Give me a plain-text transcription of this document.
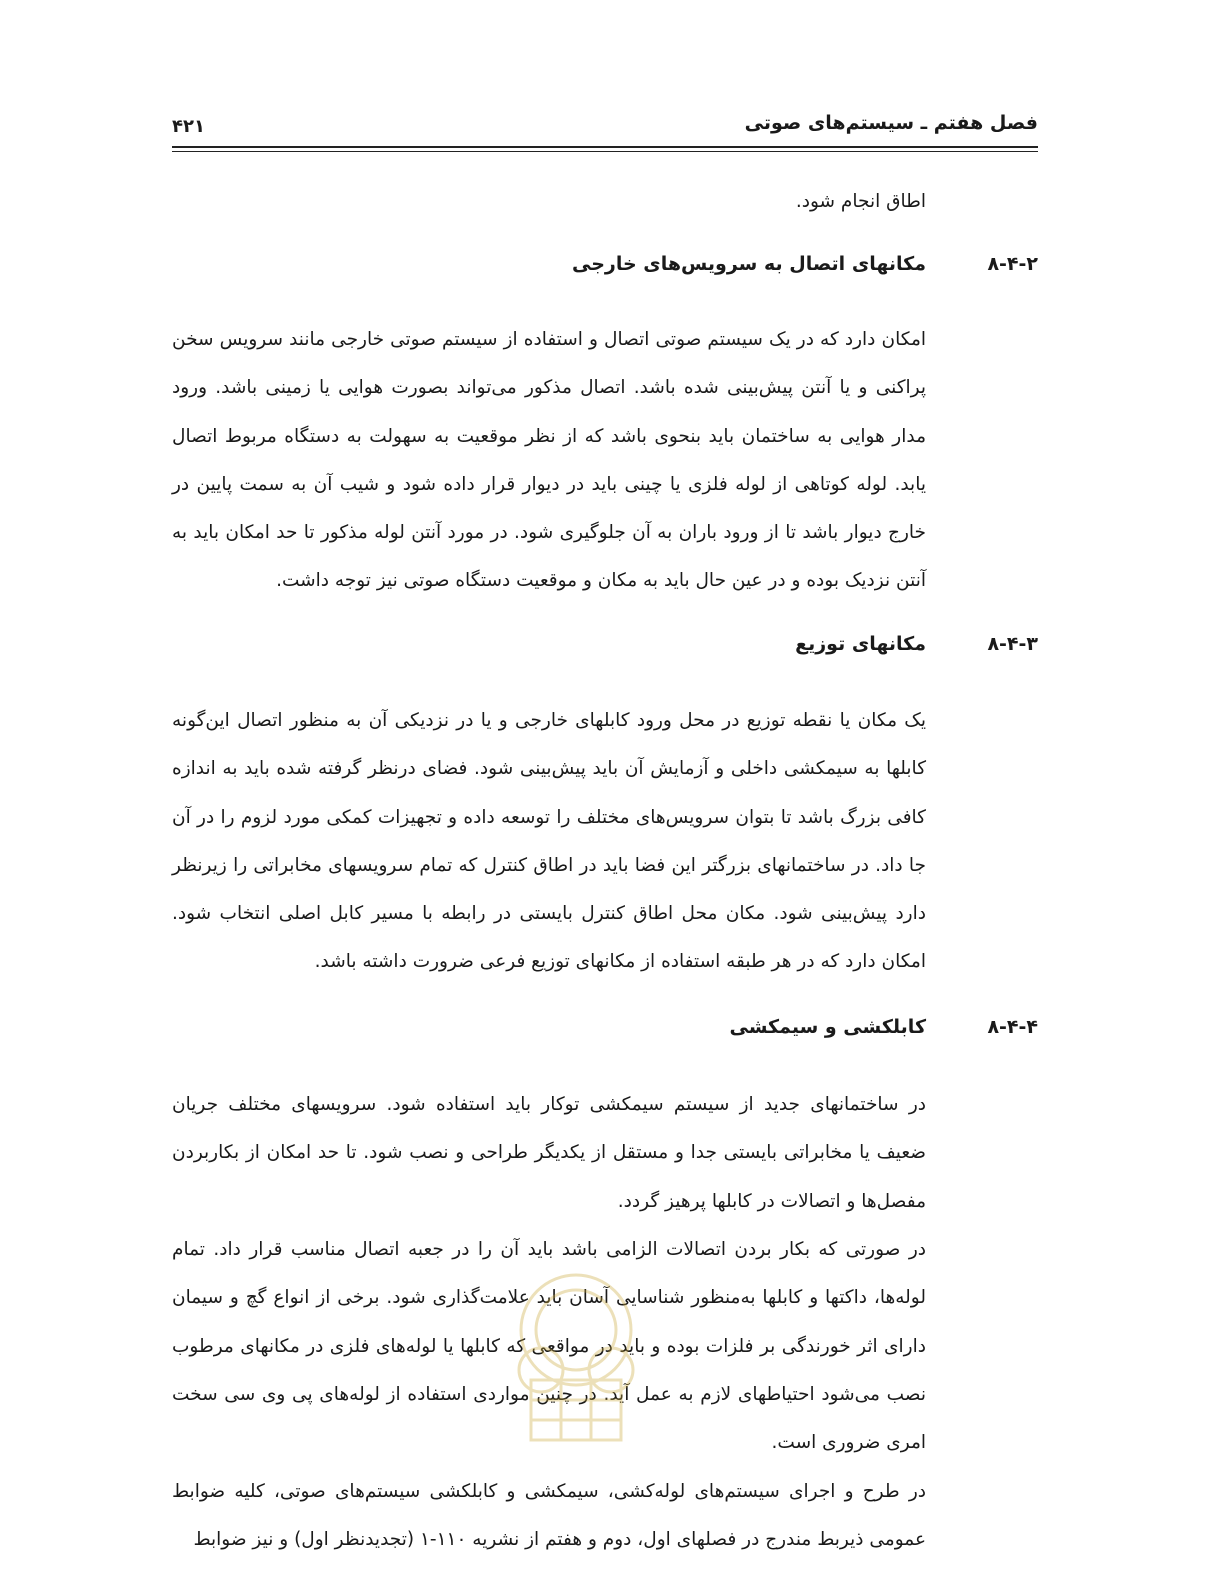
فصل هفتم ـ سیستم‌های صوتی
۴۲۱
اطاق انجام شود.
۸-۴-۲
مکانهای اتصال به سرویس‌های خارجی
امکان دارد که در یک سیستم صوتی اتصال و استفاده از سیستم صوتی خارجی مانند سرویس سخن پراکنی و یا آنتن پیش‌بینی شده باشد. اتصال مذکور می‌تواند بصورت هوایی یا زمینی باشد. ورود مدار هوایی به ساختمان باید بنحوی باشد که از نظر موقعیت به سهولت به دستگاه مربوط اتصال یابد. لوله کوتاهی از لوله فلزی یا چینی باید در دیوار قرار داده شود و شیب آن به سمت پایین در خارج دیوار باشد تا از ورود باران به آن جلوگیری شود. در مورد آنتن لوله مذکور تا حد امکان باید به آنتن نزدیک بوده و در عین حال باید به مکان و موقعیت دستگاه صوتی نیز توجه داشت.
۸-۴-۳
مکانهای توزیع
یک مکان یا نقطه توزیع در محل ورود کابلهای خارجی و یا در نزدیکی آن به منظور اتصال این‌گونه کابلها به سیمکشی داخلی و آزمایش آن باید پیش‌بینی شود. فضای درنظر گرفته شده باید به اندازه کافی بزرگ باشد تا بتوان سرویس‌های مختلف را توسعه داده و تجهیزات کمکی مورد لزوم را در آن جا داد. در ساختمانهای بزرگتر این فضا باید در اطاق کنترل که تمام سرویسهای مخابراتی را زیرنظر دارد پیش‌بینی شود. مکان محل اطاق کنترل بایستی در رابطه با مسیر کابل اصلی انتخاب شود. امکان دارد که در هر طبقه استفاده از مکانهای توزیع فرعی ضرورت داشته باشد.
۸-۴-۴
کابلکشی و سیمکشی
در ساختمانهای جدید از سیستم سیمکشی توکار باید استفاده شود. سرویسهای مختلف جریان ضعیف یا مخابراتی بایستی جدا و مستقل از یکدیگر طراحی و نصب شود. تا حد امکان از بکاربردن مفصل‌ها و اتصالات در کابلها پرهیز گردد.
در صورتی که بکار بردن اتصالات الزامی باشد باید آن را در جعبه اتصال مناسب قرار داد. تمام لوله‌ها، داکتها و کابلها به‌منظور شناسایی آسان باید علامت‌گذاری شود. برخی از انواع گچ و سیمان دارای اثر خورندگی بر فلزات بوده و باید در مواقعی که کابلها یا لوله‌های فلزی در مکانهای مرطوب نصب می‌شود احتیاطهای لازم به عمل آید. در چنین مواردی استفاده از لوله‌های پی وی سی سخت امری ضروری است.
در طرح و اجرای سیستم‌های لوله‌کشی، سیمکشی و کابلکشی سیستم‌های صوتی، کلیه ضوابط عمومی ذیربط مندرج در فصلهای اول، دوم و هفتم از نشریه ۱۱۰-۱ (تجدیدنظر اول) و نیز ضوابط
